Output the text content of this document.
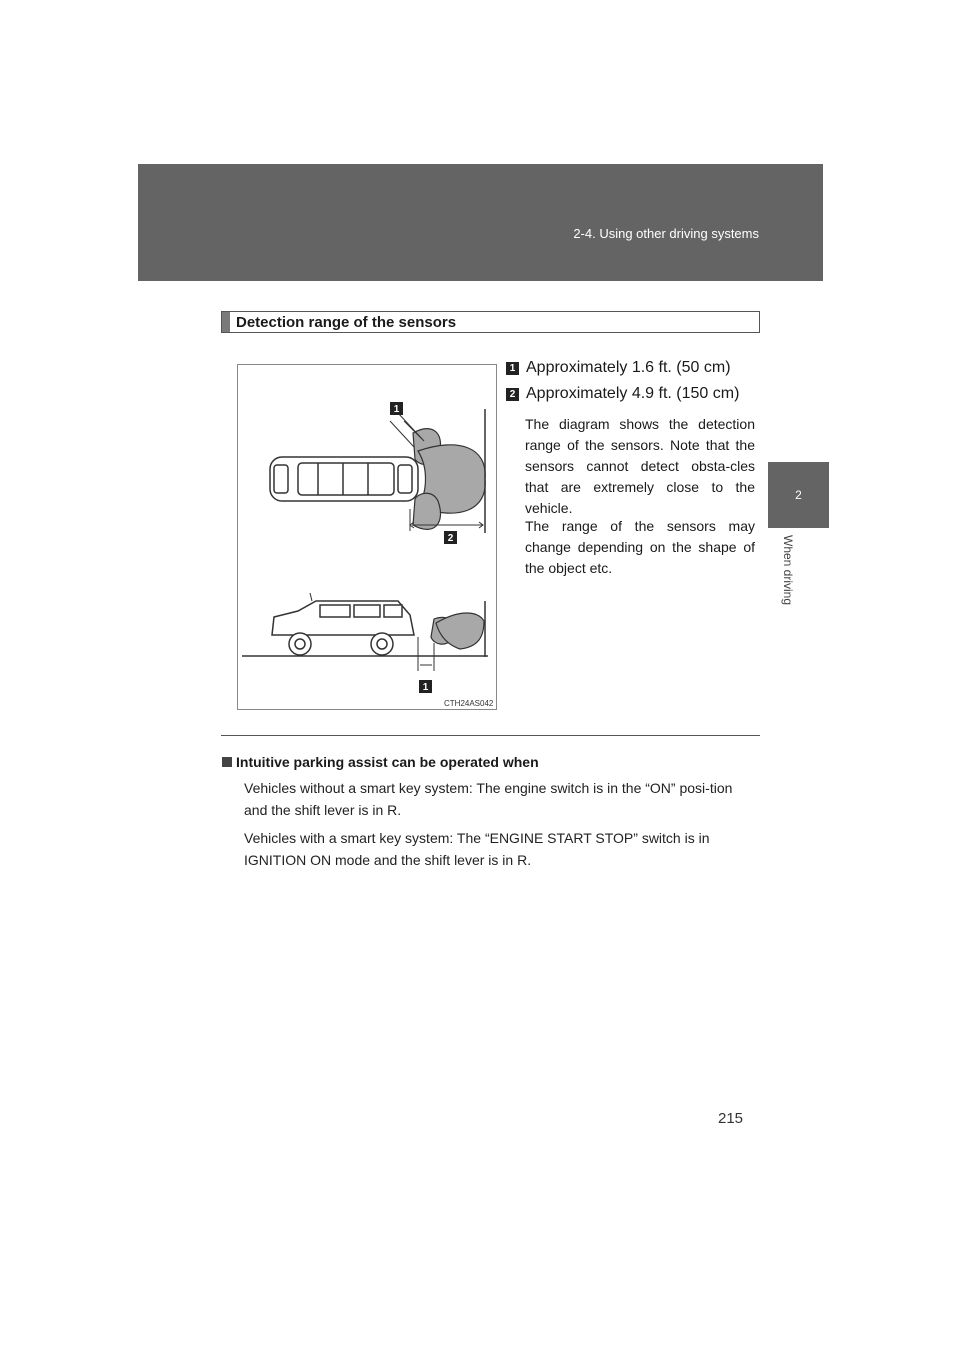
2-4. Using other driving systems
2
When driving
Detection range of the sensors
1
2
1
CTH24AS042
1 Approximately 1.6 ft. (50 cm)
2 Approximately 4.9 ft. (150 cm)
The diagram shows the detection range of the sensors. Note that the sensors cannot detect obsta-cles that are extremely close to the vehicle.
The range of the sensors may change depending on the shape of the object etc.
Intuitive parking assist can be operated when
Vehicles without a smart key system: The engine switch is in the “ON” posi-tion and the shift lever is in R.
Vehicles with a smart key system: The “ENGINE START STOP” switch is in IGNITION ON mode and the shift lever is in R.
215
